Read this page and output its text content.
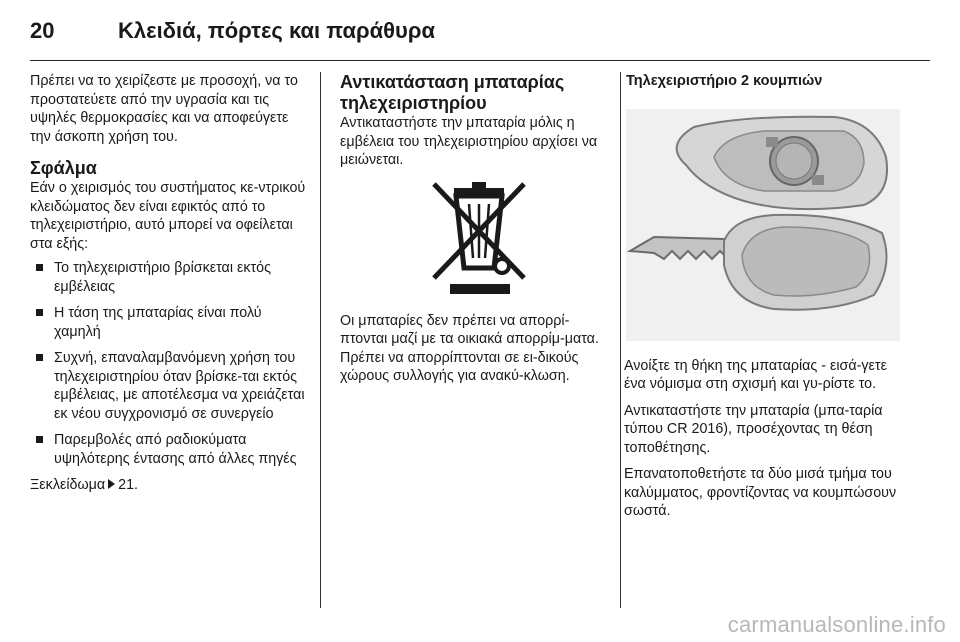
20	Κλειδιά, πόρτες και παράθυρα

Πρέπει να το χειρίζεστε με προσοχή, να το προστατεύετε από την υγρασία και τις υψηλές θερμοκρασίες και να αποφεύγετε την άσκοπη χρήση του.

Σφάλμα

Εάν ο χειρισμός του συστήματος κε-ντρικού κλειδώματος δεν είναι εφικτός από το τηλεχειριστήριο, αυτό μπορεί να οφείλεται στα εξής:

Το τηλεχειριστήριο βρίσκεται εκτός εμβέλειας
Η τάση της μπαταρίας είναι πολύ χαμηλή
Συχνή, επαναλαμβανόμενη χρήση του τηλεχειριστηρίου όταν βρίσκε-ται εκτός εμβέλειας, με αποτέλεσμα να χρειάζεται εκ νέου συγχρονισμό σε συνεργείο
Παρεμβολές από ραδιοκύματα υψηλότερης έντασης από άλλες πηγές

Ξεκλείδωμα 21.

Αντικατάσταση μπαταρίας τηλεχειριστηρίου

Αντικαταστήστε την μπαταρία μόλις η εμβέλεια του τηλεχειριστηρίου αρχίσει να μειώνεται.

Οι μπαταρίες δεν πρέπει να απορρί-πτονται μαζί με τα οικιακά απορρίμ-ματα. Πρέπει να απορρίπτονται σε ει-δικούς χώρους συλλογής για ανακύ-κλωση.

Τηλεχειριστήριο 2 κουμπιών

Ανοίξτε τη θήκη της μπαταρίας - εισά-γετε ένα νόμισμα στη σχισμή και γυ-ρίστε το.

Αντικαταστήστε την μπαταρία (μπα-ταρία τύπου CR 2016), προσέχοντας τη θέση τοποθέτησης.

Επανατοποθετήστε τα δύο μισά τμήμα του καλύμματος, φροντίζοντας να κουμπώσουν σωστά.

carmanualsonline.info
